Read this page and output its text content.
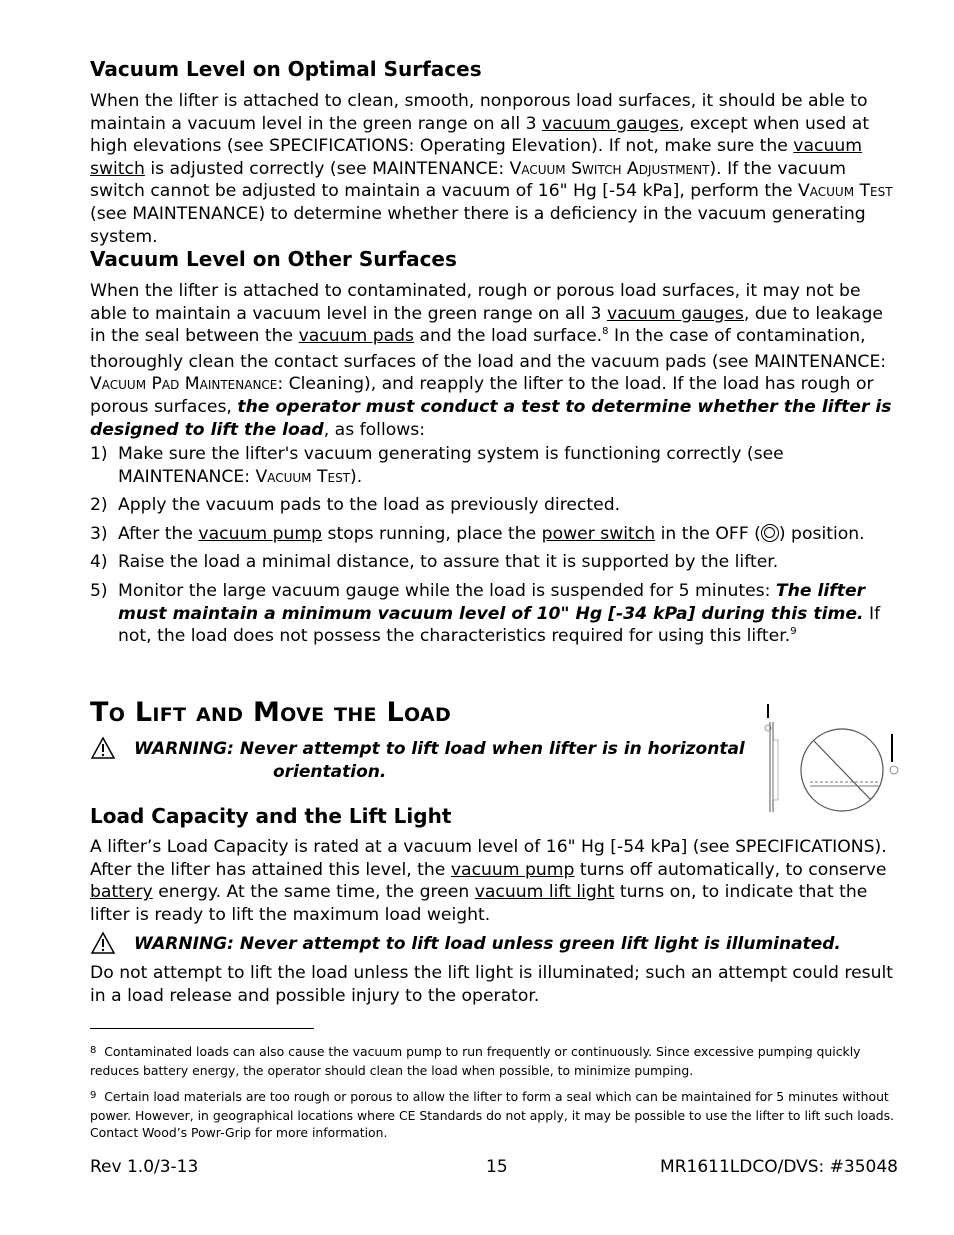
Vacuum Level on Optimal Surfaces

When the lifter is attached to clean, smooth, nonporous load surfaces, it should be able to maintain a vacuum level in the green range on all 3 vacuum gauges, except when used at high elevations (see SPECIFICATIONS: Operating Elevation). If not, make sure the vacuum switch is adjusted correctly (see MAINTENANCE: Vacuum Switch Adjustment). If the vacuum switch cannot be adjusted to maintain a vacuum of 16" Hg [-54 kPa], perform the Vacuum Test (see MAINTENANCE) to determine whether there is a deficiency in the vacuum generating system.

Vacuum Level on Other Surfaces

When the lifter is attached to contaminated, rough or porous load surfaces, it may not be able to maintain a vacuum level in the green range on all 3 vacuum gauges, due to leakage in the seal between the vacuum pads and the load surface.$^8$ In the case of contamination, thoroughly clean the contact surfaces of the load and the vacuum pads (see MAINTENANCE: Vacuum Pad Maintenance: Cleaning), and reapply the lifter to the load. If the load has rough or porous surfaces, the operator must conduct a test to determine whether the lifter is designed to lift the load, as follows:

1) Make sure the lifter's vacuum generating system is functioning correctly (see MAINTENANCE: Vacuum Test).
2) Apply the vacuum pads to the load as previously directed.
3) After the vacuum pump stops running, place the power switch in the OFF ( ) position.
4) Raise the load a minimal distance, to assure that it is supported by the lifter.
5) Monitor the large vacuum gauge while the load is suspended for 5 minutes: The lifter must maintain a minimum vacuum level of 10" Hg [-34 kPa] during this time. If not, the load does not possess the characteristics required for using this lifter.$^9$
To Lift and Move the Load
WARNING: Never attempt to lift load when lifter is in horizontal
orientation.
Load Capacity and the Lift Light

A lifter’s Load Capacity is rated at a vacuum level of 16" Hg [-54 kPa] (see SPECIFICATIONS). After the lifter has attained this level, the vacuum pump turns off automatically, to conserve battery energy. At the same time, the green vacuum lift light turns on, to indicate that the lifter is ready to lift the maximum load weight.

WARNING: Never attempt to lift load unless green lift light is illuminated.

Do not attempt to lift the load unless the lift light is illuminated; such an attempt could result in a load release and possible injury to the operator.

$^8$ Contaminated loads can also cause the vacuum pump to run frequently or continuously. Since excessive pumping quickly reduces battery energy, the operator should clean the load when possible, to minimize pumping.
$^9$ Certain load materials are too rough or porous to allow the lifter to form a seal which can be maintained for 5 minutes without power. However, in geographical locations where CE Standards do not apply, it may be possible to use the lifter to lift such loads. Contact Wood’s Powr-Grip for more information.
Rev 1.0/3-13	15	MR1611LDCO/DVS: #35048
